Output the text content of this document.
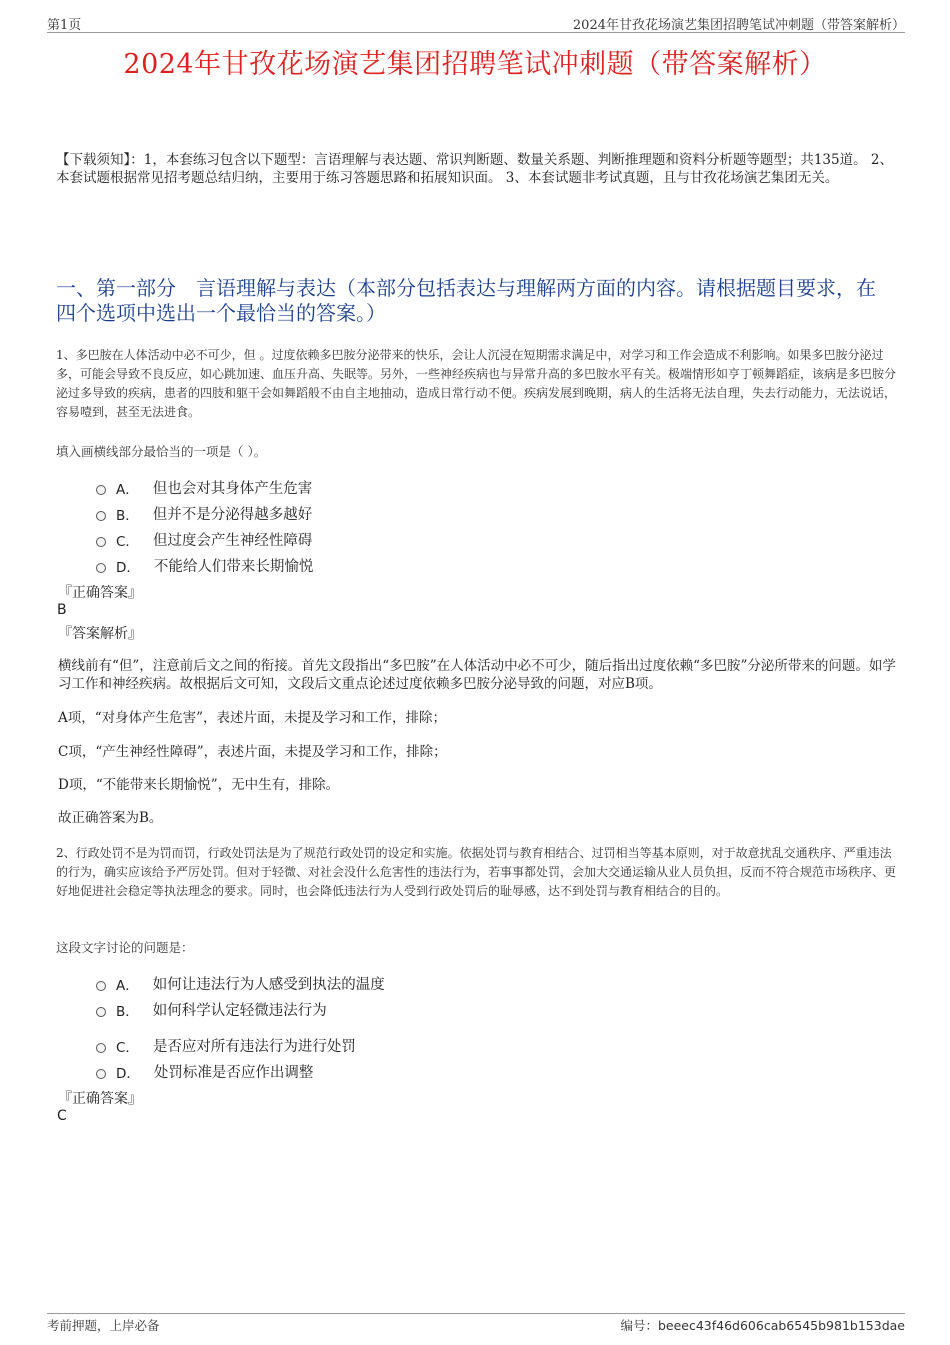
第1页	2024年甘孜花场演艺集团招聘笔试冲刺题（带答案解析）
2024年甘孜花场演艺集团招聘笔试冲刺题（带答案解析）
【下载须知】：1，本套练习包含以下题型：言语理解与表达题、常识判断题、数量关系题、判断推理题和资料分析题等题型；共135道。 2、本套试题根据常见招考题总结归纳，主要用于练习答题思路和拓展知识面。 3、本套试题非考试真题，且与甘孜花场演艺集团无关。
一、第一部分　言语理解与表达（本部分包括表达与理解两方面的内容。请根据题目要求，在四个选项中选出一个最恰当的答案。）
1、多巴胺在人体活动中必不可少，但 。过度依赖多巴胺分泌带来的快乐，会让人沉浸在短期需求满足中，对学习和工作会造成不利影响。如果多巴胺分泌过多，可能会导致不良反应，如心跳加速、血压升高、失眠等。另外，一些神经疾病也与异常升高的多巴胺水平有关。极端情形如亨丁顿舞蹈症，该病是多巴胺分泌过多导致的疾病，患者的四肢和躯干会如舞蹈般不由自主地抽动，造成日常行动不便。疾病发展到晚期，病人的生活将无法自理，失去行动能力，无法说话，容易噎到，甚至无法进食。
填入画横线部分最恰当的一项是（ ）。
A． 但也会对其身体产生危害
B． 但并不是分泌得越多越好
C． 但过度会产生神经性障碍
D． 不能给人们带来长期愉悦
『正确答案』
B
『答案解析』
横线前有“但”，注意前后文之间的衔接。首先文段指出“多巴胺”在人体活动中必不可少，随后指出过度依赖“多巴胺”分泌所带来的问题。如学习工作和神经疾病。故根据后文可知，文段后文重点论述过度依赖多巴胺分泌导致的问题，对应B项。
A项，“对身体产生危害”，表述片面，未提及学习和工作，排除；
C项，“产生神经性障碍”，表述片面，未提及学习和工作，排除；
D项，“不能带来长期愉悦”，无中生有，排除。
故正确答案为B。
2、行政处罚不是为罚而罚，行政处罚法是为了规范行政处罚的设定和实施。依据处罚与教育相结合、过罚相当等基本原则，对于故意扰乱交通秩序、严重违法的行为，确实应该给予严厉处罚。但对于轻微、对社会没什么危害性的违法行为，若事事都处罚，会加大交通运输从业人员负担，反而不符合规范市场秩序、更好地促进社会稳定等执法理念的要求。同时，也会降低违法行为人受到行政处罚后的耻辱感，达不到处罚与教育相结合的目的。
这段文字讨论的问题是：
A． 如何让违法行为人感受到执法的温度
B． 如何科学认定轻微违法行为
C． 是否应对所有违法行为进行处罚
D． 处罚标准是否应作出调整
『正确答案』
C
考前押题，上岸必备	编号：beeec43f46d606cab6545b981b153dae
